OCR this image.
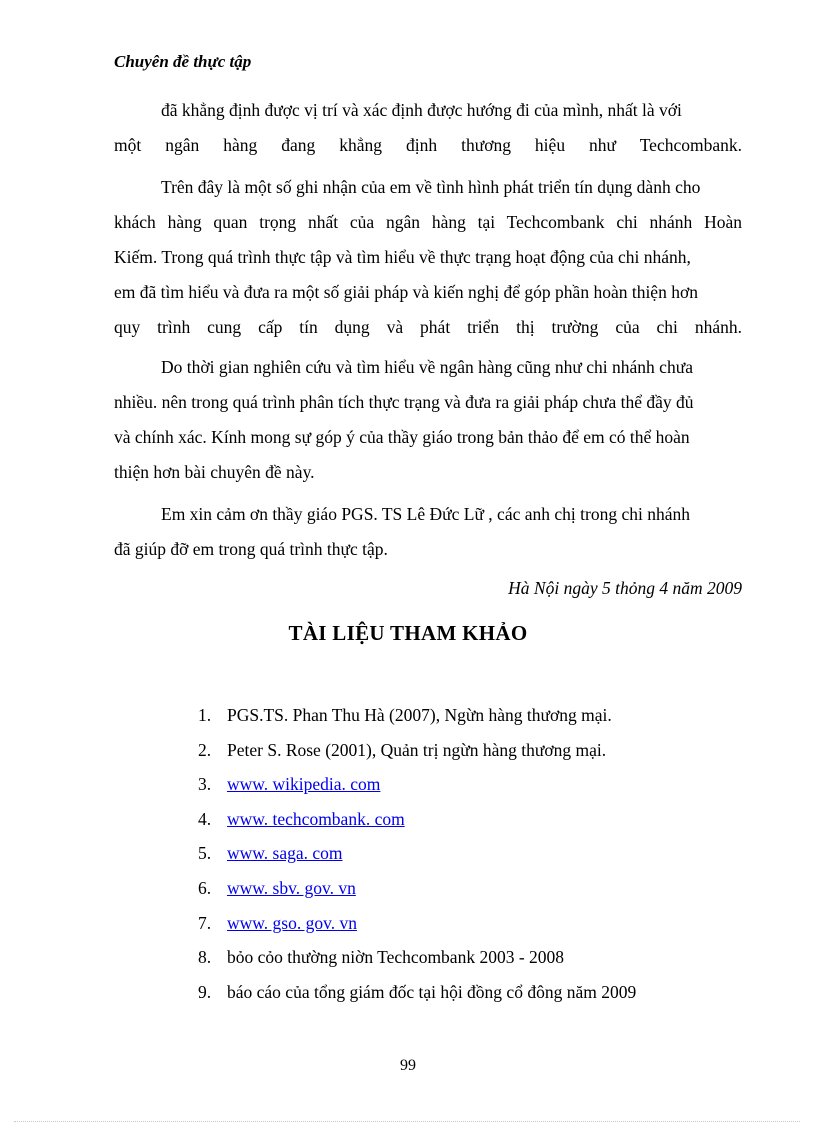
Chuyên đề thực tập
đã khẳng định được vị trí và xác định được hướng đi của mình, nhất là với
một ngân hàng đang khẳng định thương hiệu như Techcombank.
Trên đây là một số ghi nhận của em về tình hình phát triển tín dụng dành cho
khách hàng quan trọng nhất của ngân hàng tại Techcombank chi nhánh Hoàn
Kiếm. Trong quá trình thực tập và tìm hiểu về thực trạng hoạt động của chi nhánh,
em đã tìm hiểu và đưa ra một số giải pháp và kiến nghị để góp phần hoàn thiện hơn
quy trình cung cấp tín dụng và phát triển thị trường của chi nhánh.
Do thời gian nghiên cứu và tìm hiểu về ngân hàng cũng như chi nhánh chưa
nhiều. nên trong quá trình phân tích thực trạng và đưa ra giải pháp chưa thể đầy đủ
và chính xác. Kính mong sự góp ý của thầy giáo trong bản thảo để em có thể hoàn
thiện hơn bài chuyên đề này.
Em xin cảm ơn thầy giáo PGS. TS Lê Đức Lữ , các anh chị trong chi nhánh
đã giúp đỡ em trong quá trình thực tập.
Hà Nội ngày 5 thỏng 4 năm 2009
TÀI LIỆU THAM KHẢO
1. PGS.TS. Phan Thu Hà (2007), Ngừn hàng thương mại.
2. Peter S. Rose (2001), Quản trị ngừn hàng thương mại.
3. www. wikipedia. com
4. www. techcombank. com
5. www. saga. com
6. www. sbv. gov. vn
7. www. gso. gov. vn
8. bỏo cỏo thường niờn Techcombank 2003 - 2008
9. báo cáo của tổng giám đốc tại hội đồng cổ đông năm 2009
99
